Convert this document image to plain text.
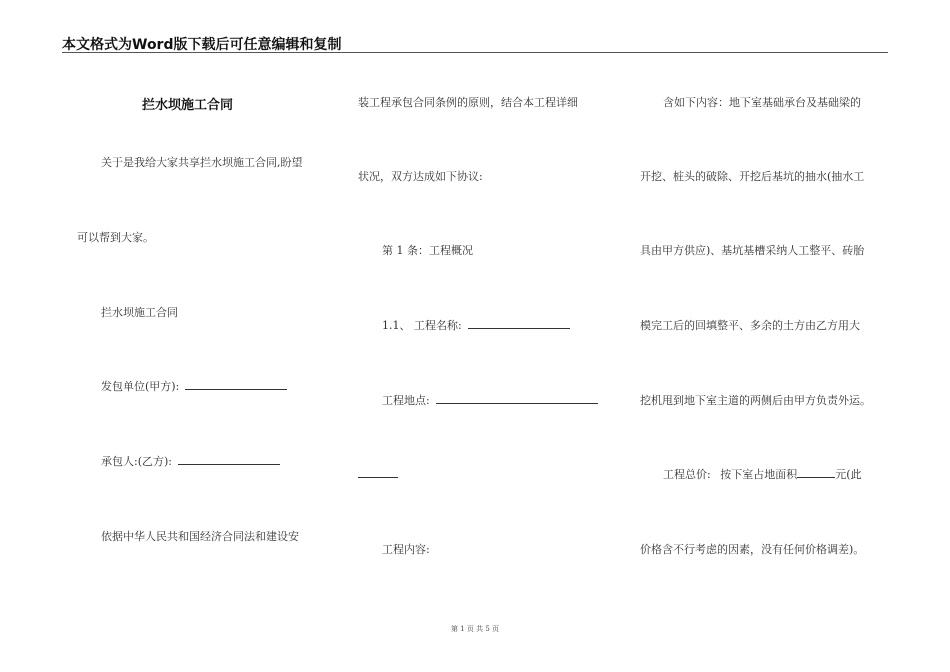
本文格式为Word版下载后可任意编辑和复制
拦水坝施工合同
关于是我给大家共享拦水坝施工合同,盼望
可以帮到大家。
拦水坝施工合同
发包单位(甲方):
承包人:(乙方):
依据中华人民共和国经济合同法和建设安
装工程承包合同条例的原则，结合本工程详细
状况，双方达成如下协议:
第 1 条：工程概况
1.1、 工程名称:
工程地点:
工程内容:
含如下内容：地下室基础承台及基础梁的
开挖、桩头的破除、开挖后基坑的抽水(抽水工
具由甲方供应)、基坑基槽采纳人工整平、砖胎
模完工后的回填整平、多余的土方由乙方用大
挖机甩到地下室主道的两侧后由甲方负责外运。
工程总价: 按下室占地面积	元(此
价格含不行考虑的因素，没有任何价格调差)。
第 1 页 共 5 页
